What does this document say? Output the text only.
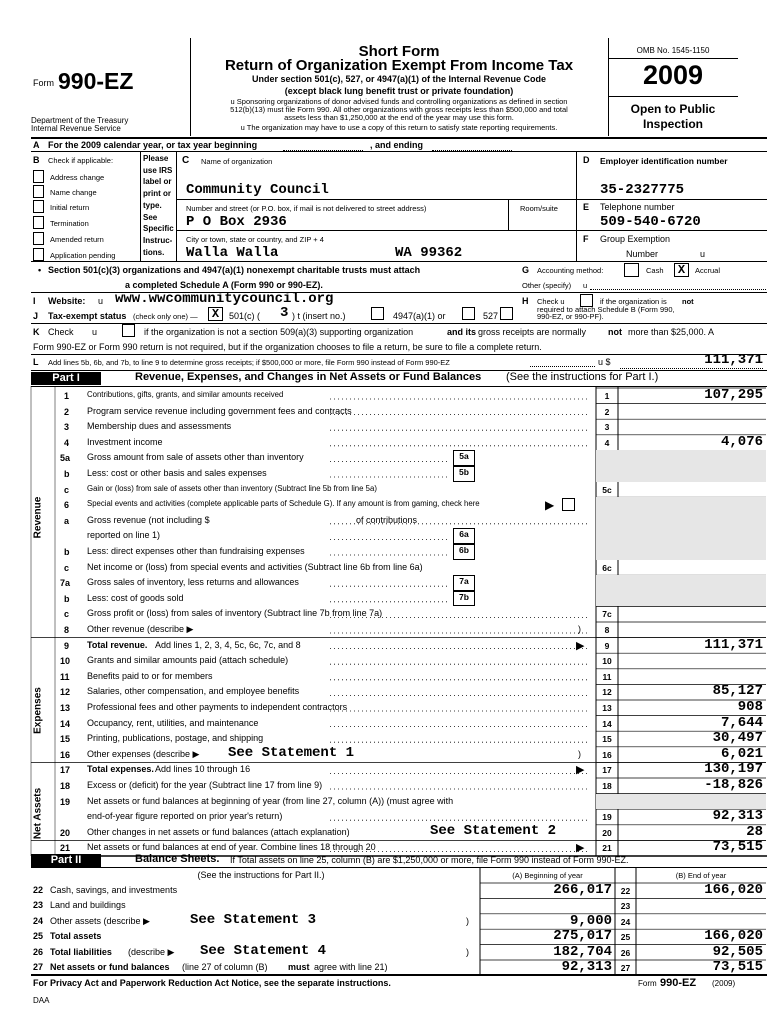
Form 990-EZ
Department of the Treasury
Internal Revenue Service
Short Form
Return of Organization Exempt From Income Tax
Under section 501(c), 527, or 4947(a)(1) of the Internal Revenue Code
(except black lung benefit trust or private foundation)
u Sponsoring organizations of donor advised funds and controlling organizations as defined in section
512(b)(13) must file Form 990. All other organizations with gross receipts less than $500,000 and total
assets less than $1,250,000 at the end of the year may use this form.
u The organization may have to use a copy of this return to satisfy state reporting requirements.
OMB No. 1545-1150
2009
Open to Public
Inspection
A For the 2009 calendar year, or tax year beginning	, and ending
B Check if applicable:
Address change
Name change
Initial return
Termination
Amended return
Application pending
Please
use IRS
label or
print or
type.
See
Specific
Instruc-
tions.
C Name of organization
Community Council
Number and street (or P.O. box, if mail is not delivered to street address)	Room/suite
P O Box 2936
City or town, state or country, and ZIP + 4
Walla Walla	WA 99362
D Employer identification number
35-2327775
E Telephone number
509-540-6720
F Group Exemption
Number	u
• Section 501(c)(3) organizations and 4947(a)(1) nonexempt charitable trusts must attach
a completed Schedule A (Form 990 or 990-EZ).
G Accounting method:	Cash	X	Accrual
Other (specify) u
I Website: u www.wwcommunitycouncil.org	H Check u	if the organization is not
required to attach Schedule B (Form 990,
990-EZ, or 990-PF).
J Tax-exempt status (check only one) —	X	501(c) ( 3 ) t (insert no.)	4947(a)(1) or	527
K Check u	if the organization is not a section 509(a)(3) supporting organization	and its gross receipts are normally not more than $25,000. A
Form 990-EZ or Form 990 return is not required, but if the organization chooses to file a return, be sure to file a complete return.
L Add lines 5b, 6b, and 7b, to line 9 to determine gross receipts; if $500,000 or more, file Form 990 instead of Form 990-EZ	u $	111,371
Part I	Revenue, Expenses, and Changes in Net Assets or Fund Balances (See the instructions for Part I.)
1 Contributions, gifts, grants, and similar amounts received	1	107,295
2 Program service revenue including government fees and contracts	2
3 Membership dues and assessments	3
4 Investment income	4	4,076
5a Gross amount from sale of assets other than inventory	5a
b Less: cost or other basis and sales expenses	5b
c Gain or (loss) from sale of assets other than inventory (Subtract line 5b from line 5a)	5c
6 Special events and activities (complete applicable parts of Schedule G). If any amount is from gaming, check here
a Gross revenue (not including $	of contributions
reported on line 1)	6a
b Less: direct expenses other than fundraising expenses	6b
c Net income or (loss) from special events and activities (Subtract line 6b from line 6a)	6c
7a Gross sales of inventory, less returns and allowances	7a
b Less: cost of goods sold	7b
c Gross profit or (loss) from sales of inventory (Subtract line 7b from line 7a)	7c
8 Other revenue (describe ▶	8
9 Total revenue. Add lines 1, 2, 3, 4, 5c, 6c, 7c, and 8	9	111,371
10 Grants and similar amounts paid (attach schedule)	10
11 Benefits paid to or for members	11
12 Salaries, other compensation, and employee benefits	12	85,127
13 Professional fees and other payments to independent contractors	13	908
14 Occupancy, rent, utilities, and maintenance	14	7,644
15 Printing, publications, postage, and shipping	15	30,497
16 Other expenses (describe ▶ See Statement 1	16	6,021
17 Total expenses. Add lines 10 through 16	17	130,197
18 Excess or (deficit) for the year (Subtract line 17 from line 9)	18	-18,826
19 Net assets or fund balances at beginning of year (from line 27, column (A)) (must agree with
end-of-year figure reported on prior year's return)	19	92,313
20 Other changes in net assets or fund balances (attach explanation)	See Statement 2	20	28
21 Net assets or fund balances at end of year. Combine lines 18 through 20	21	73,515
▶
)
▶
)
▶
▶
Revenue
Expenses
Net Assets
Part II	Balance Sheets. If Total assets on line 25, column (B) are $1,250,000 or more, file Form 990 instead of Form 990-EZ.
(See the instructions for Part II.)	(A) Beginning of year	(B) End of year
22 Cash, savings, and investments	266,017	22	166,020
23 Land and buildings	23
24 Other assets (describe ▶	See Statement 3	)	9,000	24
25 Total assets	275,017	25	166,020
26 Total liabilities (describe ▶ See Statement 4	)	182,704	26	92,505
27 Net assets or fund balances (line 27 of column (B) must agree with line 21)	92,313	27	73,515
For Privacy Act and Paperwork Reduction Act Notice, see the separate instructions.	Form 990-EZ (2009)
DAA
